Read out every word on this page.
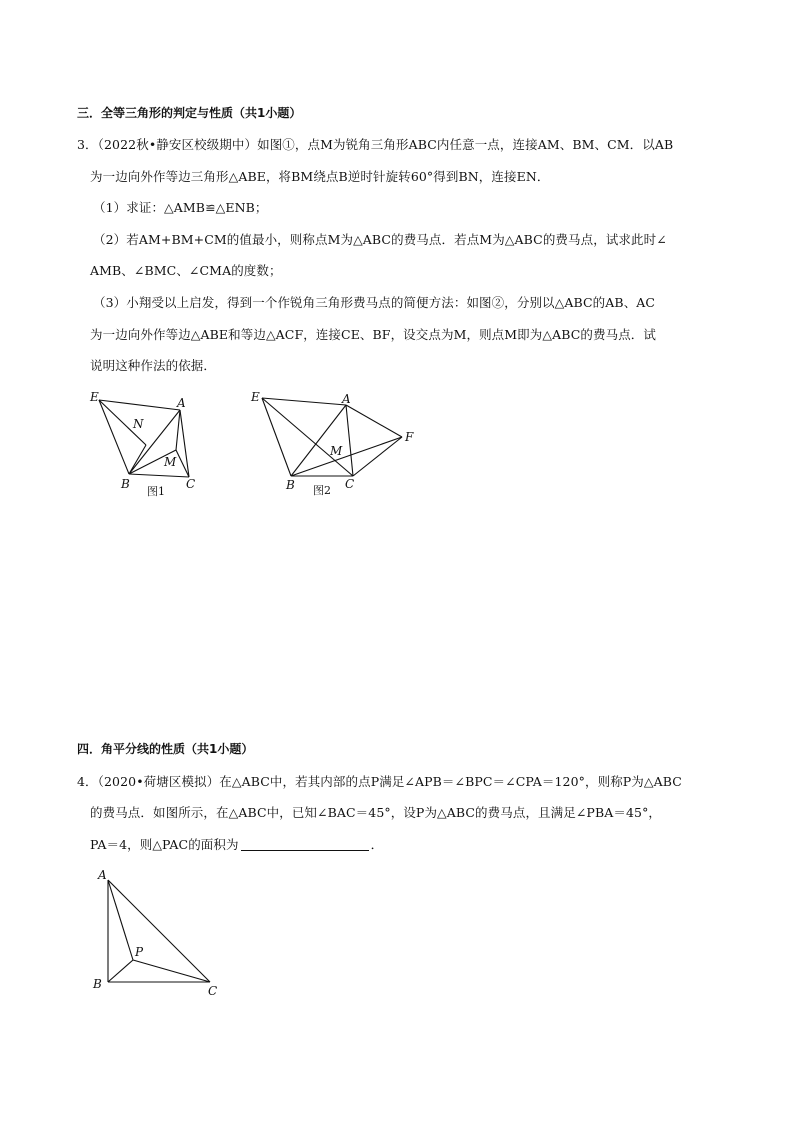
三．全等三角形的判定与性质（共1小题）
3．（2022秋•静安区校级期中）如图①，点M为锐角三角形ABC内任意一点，连接AM、BM、CM．以AB
为一边向外作等边三角形△ABE，将BM绕点B逆时针旋转60°得到BN，连接EN．
（1）求证：△AMB≌△ENB；
（2）若AM+BM+CM的值最小，则称点M为△ABC的费马点．若点M为△ABC的费马点，试求此时∠
AMB、∠BMC、∠CMA的度数；
（3）小翔受以上启发，得到一个作锐角三角形费马点的简便方法：如图②，分别以△ABC的AB、AC
为一边向外作等边△ABE和等边△ACF，连接CE、BF，设交点为M，则点M即为△ABC的费马点．试
说明这种作法的依据．
E	A
N
M
B	C
图1
E	A
F
M
B	C
图2
四．角平分线的性质（共1小题）
4．（2020•荷塘区模拟）在△ABC中，若其内部的点P满足∠APB＝∠BPC＝∠CPA＝120°，则称P为△ABC
的费马点．如图所示，在△ABC中，已知∠BAC＝45°，设P为△ABC的费马点，且满足∠PBA＝45°，
PA＝4，则△PAC的面积为	．
A
P
B	C
